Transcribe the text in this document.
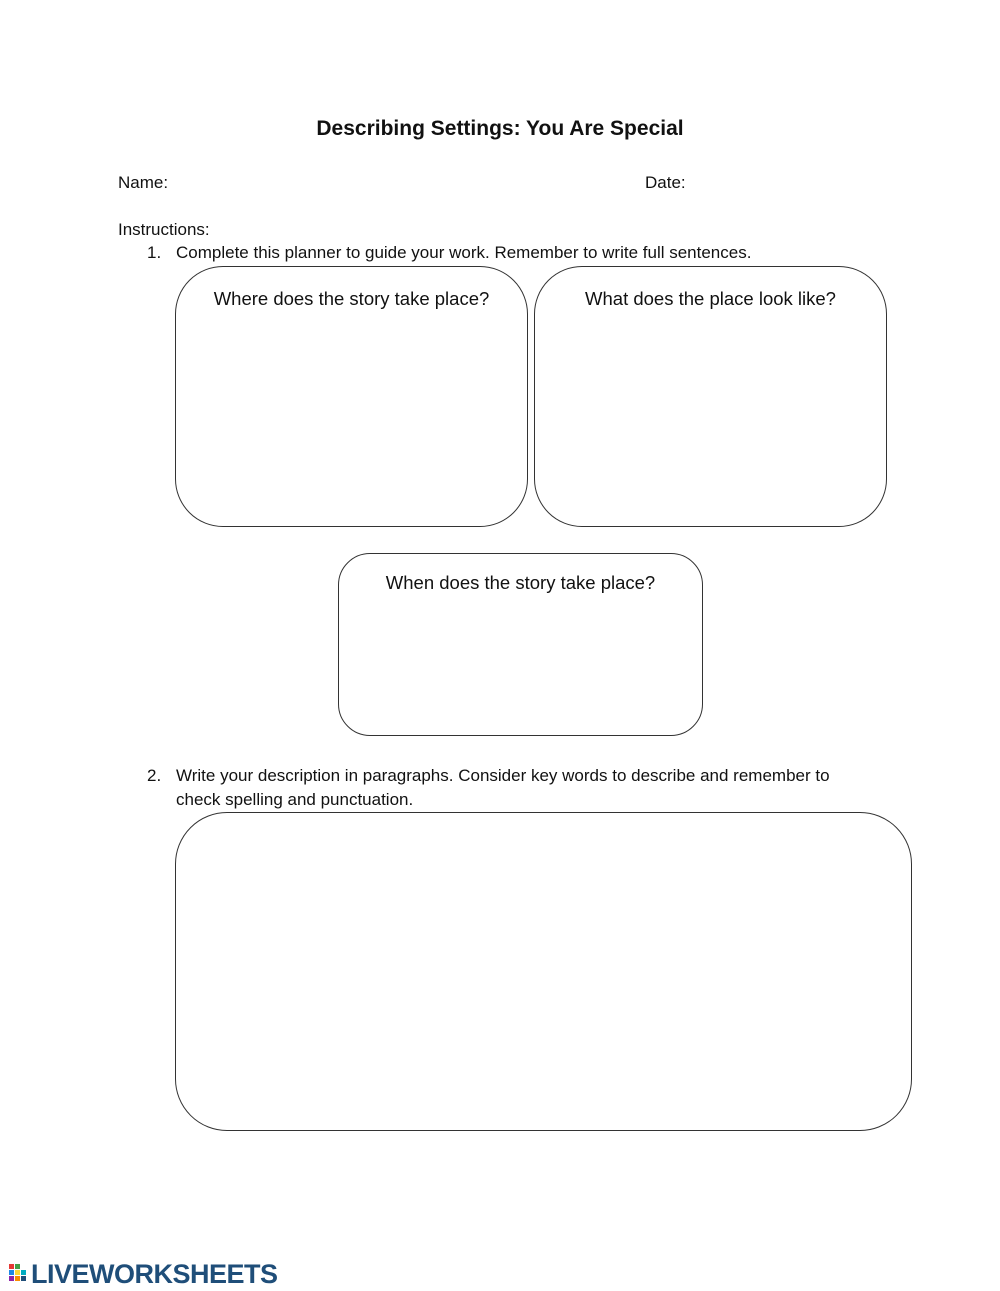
Describing Settings: You Are Special
Name:	Date:
Instructions:
1. Complete this planner to guide your work. Remember to write full sentences.
Where does the story take place?	What does the place look like?
When does the story take place?
2. Write your description in paragraphs. Consider key words to describe and remember to
check spelling and punctuation.
LIVEWORKSHEETS
